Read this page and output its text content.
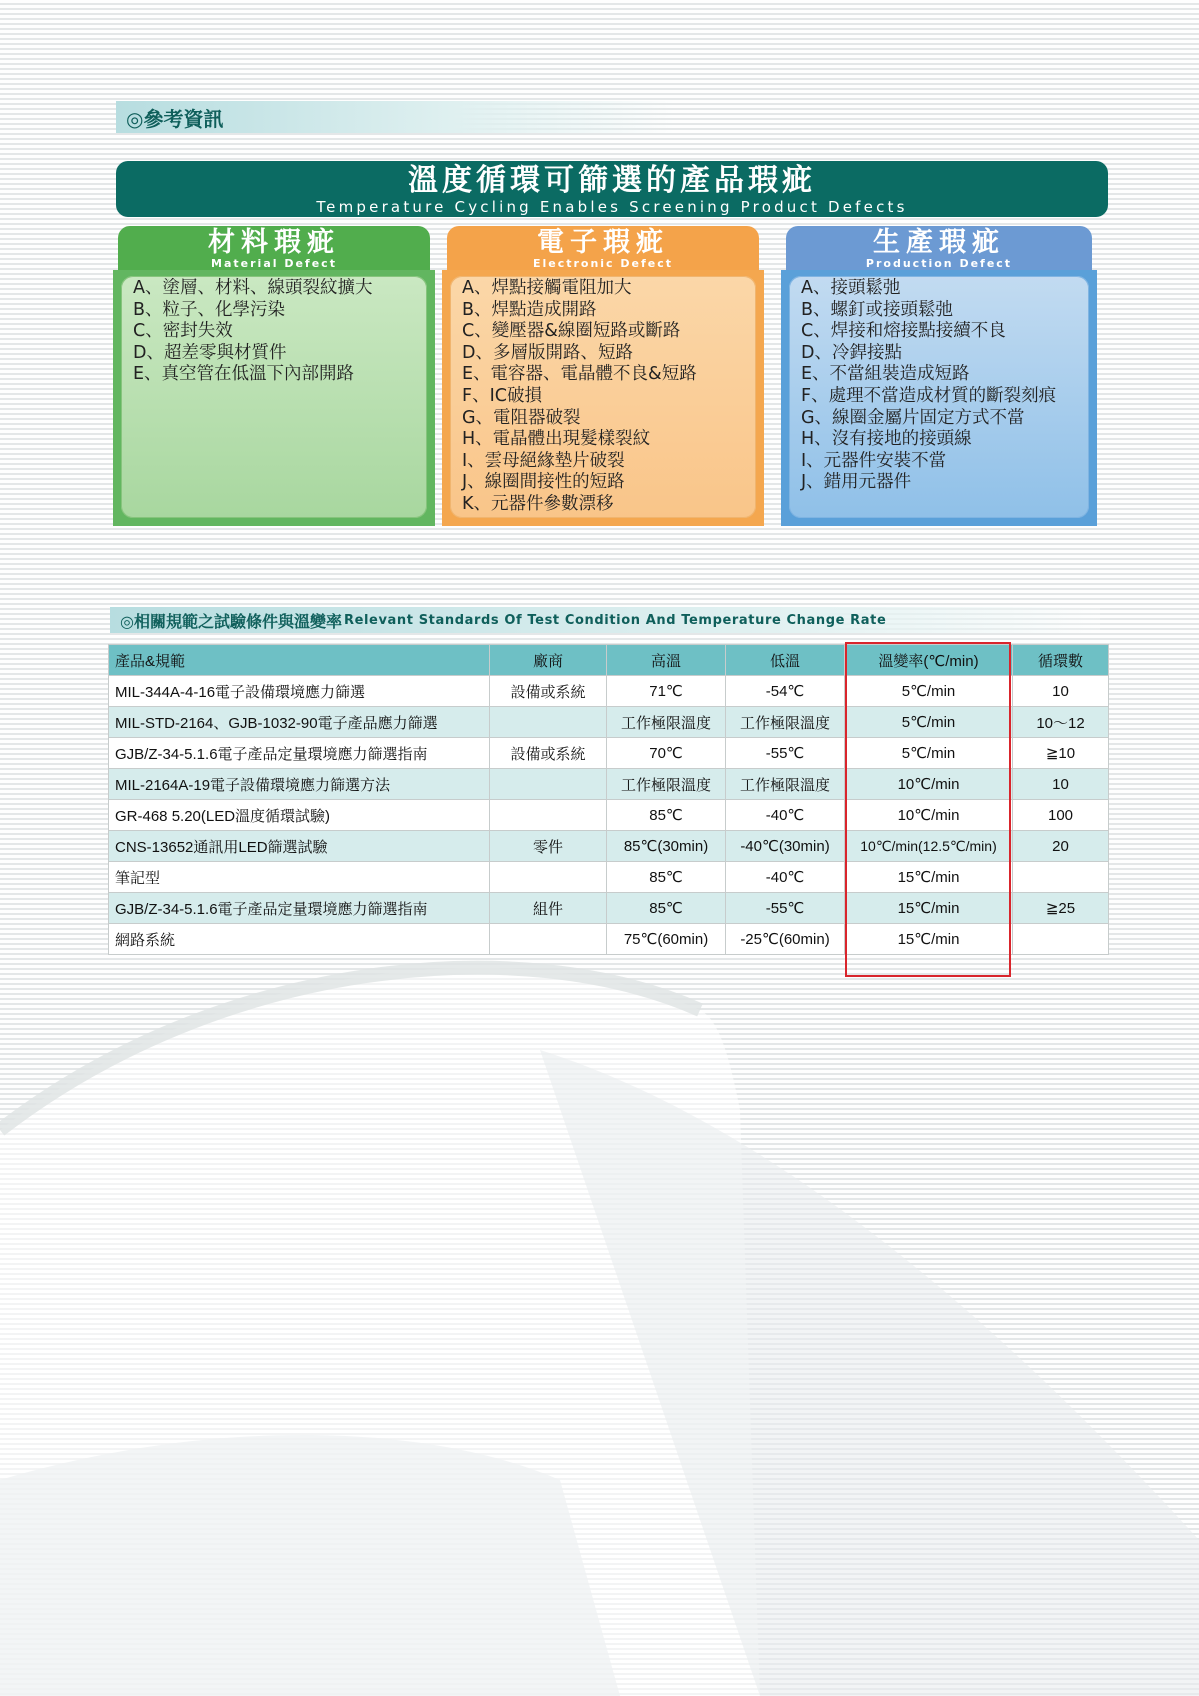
◎參考資訊
溫度循環可篩選的產品瑕疵
Temperature Cycling Enables Screening Product Defects
A、塗層、材料、線頭裂紋擴大
B、粒子、化學污染
C、密封失效
D、超差零與材質件
E、真空管在低溫下內部開路
材料瑕疵
Material Defect
A、焊點接觸電阻加大
B、焊點造成開路
C、變壓器&線圈短路或斷路
D、多層版開路、短路
E、電容器、電晶體不良&短路
F、IC破損
G、電阻器破裂
H、電晶體出現髮樣裂紋
I、雲母絕緣墊片破裂
J、線圈間接性的短路
K、元器件參數漂移
電子瑕疵
Electronic Defect
A、接頭鬆弛
B、螺釘或接頭鬆弛
C、焊接和熔接點接續不良
D、冷銲接點
E、不當組裝造成短路
F、處理不當造成材質的斷裂刻痕
G、線圈金屬片固定方式不當
H、沒有接地的接頭線
I、元器件安裝不當
J、錯用元器件
生產瑕疵
Production Defect
◎相關規範之試驗條件與溫變率 Relevant Standards Of Test Condition And Temperature Change Rate
產品&規範	廠商	高溫	低溫	溫變率(℃/min)	循環數
MIL-344A-4-16電子設備環境應力篩選	設備或系統	71℃	-54℃	5℃/min	10
MIL-STD-2164、GJB-1032-90電子產品應力篩選		工作極限溫度	工作極限溫度	5℃/min	10～12
GJB/Z-34-5.1.6電子產品定量環境應力篩選指南	設備或系統	70℃	-55℃	5℃/min	≧10
MIL-2164A-19電子設備環境應力篩選方法		工作極限溫度	工作極限溫度	10℃/min	10
GR-468 5.20(LED溫度循環試驗)		85℃	-40℃	10℃/min	100
CNS-13652通訊用LED篩選試驗	零件	85℃(30min)	-40℃(30min)	10℃/min(12.5℃/min)	20
筆記型		85℃	-40℃	15℃/min	
GJB/Z-34-5.1.6電子產品定量環境應力篩選指南	組件	85℃	-55℃	15℃/min	≧25
網路系統		75℃(60min)	-25℃(60min)	15℃/min	
